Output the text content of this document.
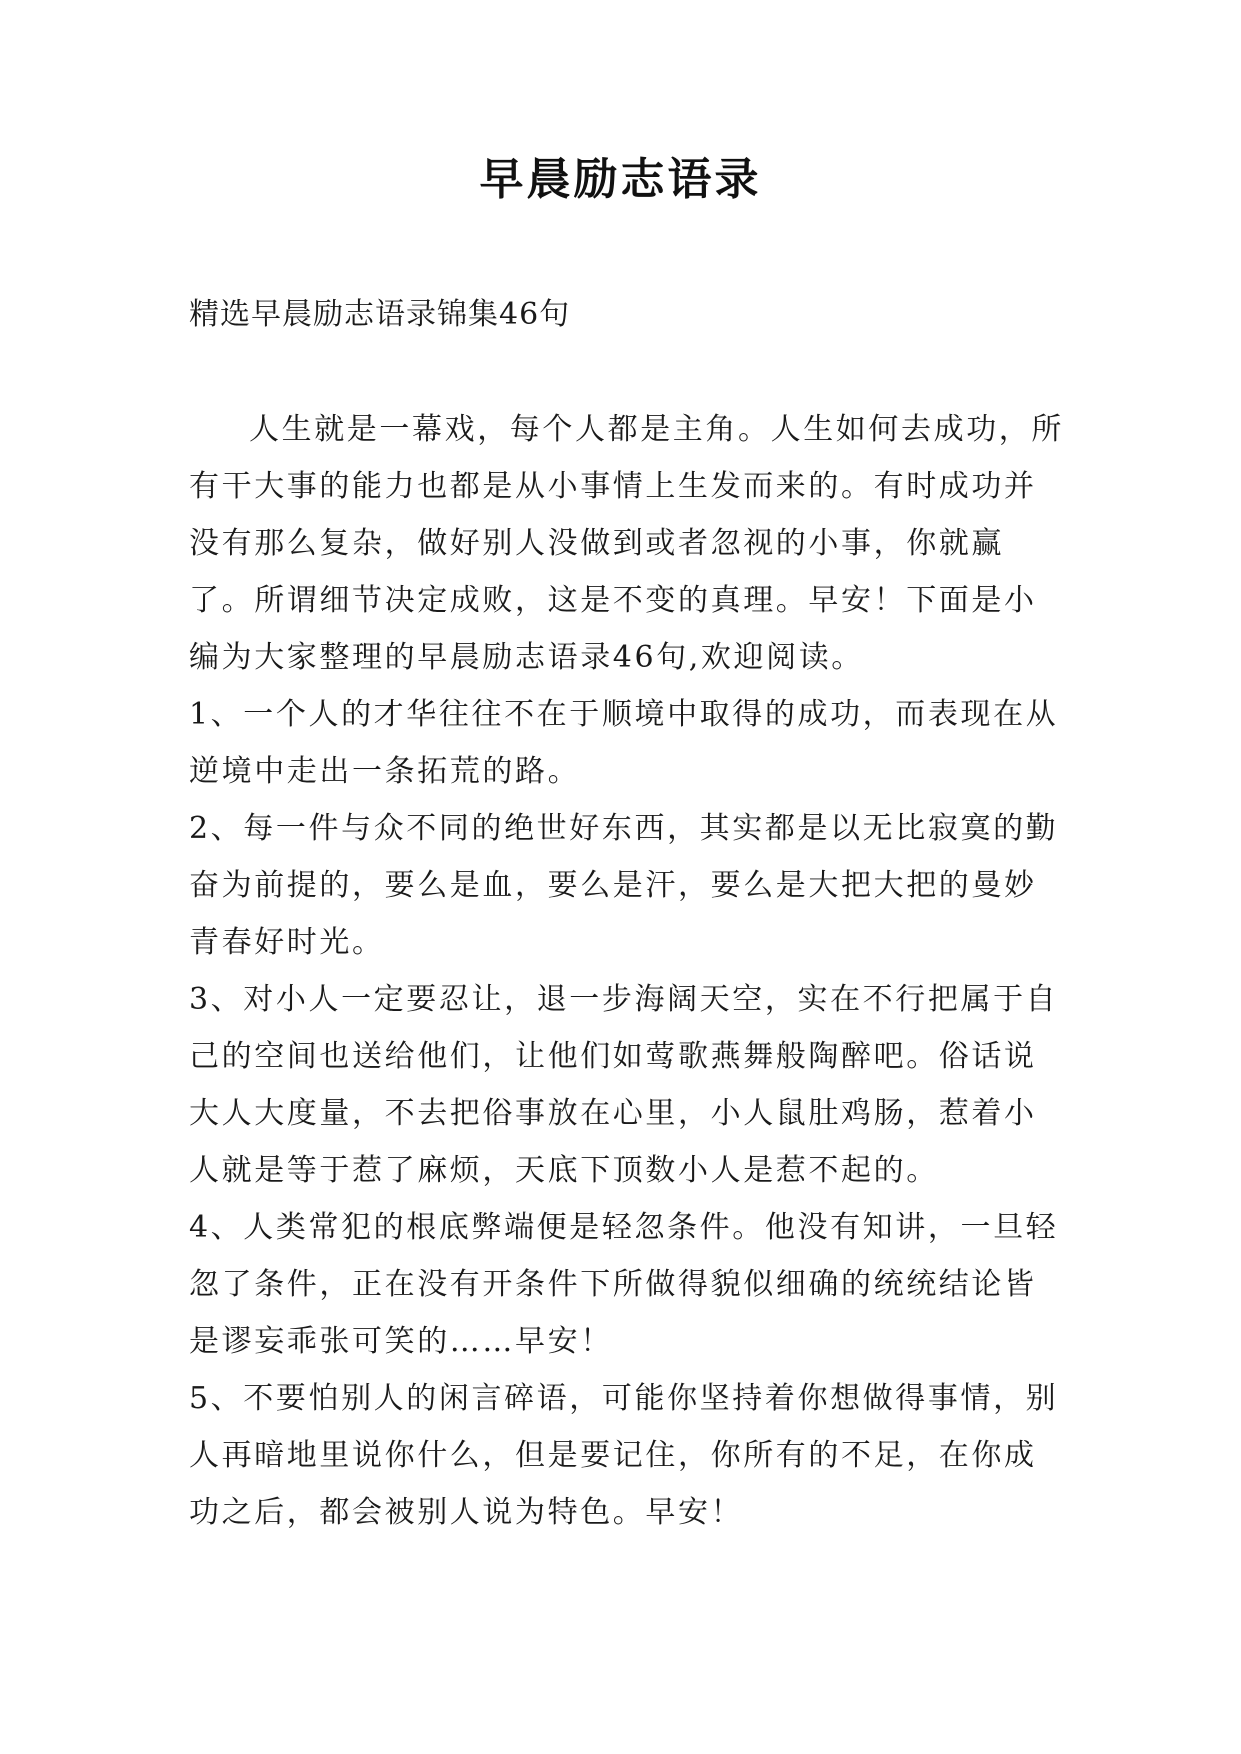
早晨励志语录
精选早晨励志语录锦集46句

人生就是一幕戏，每个人都是主角。人生如何去成功，所有干大事的能力也都是从小事情上生发而来的。有时成功并没有那么复杂，做好别人没做到或者忽视的小事，你就赢了。所谓细节决定成败，这是不变的真理。早安！下面是小编为大家整理的早晨励志语录46句,欢迎阅读。

1、一个人的才华往往不在于顺境中取得的成功，而表现在从逆境中走出一条拓荒的路。

2、每一件与众不同的绝世好东西，其实都是以无比寂寞的勤奋为前提的，要么是血，要么是汗，要么是大把大把的曼妙青春好时光。

3、对小人一定要忍让，退一步海阔天空，实在不行把属于自己的空间也送给他们，让他们如莺歌燕舞般陶醉吧。俗话说大人大度量，不去把俗事放在心里，小人鼠肚鸡肠，惹着小人就是等于惹了麻烦，天底下顶数小人是惹不起的。

4、人类常犯的根底弊端便是轻忽条件。他没有知讲，一旦轻忽了条件，正在没有开条件下所做得貌似细确的统统结论皆是谬妄乖张可笑的……早安！

5、不要怕别人的闲言碎语，可能你坚持着你想做得事情，别人再暗地里说你什么，但是要记住，你所有的不足，在你成功之后，都会被别人说为特色。早安！
